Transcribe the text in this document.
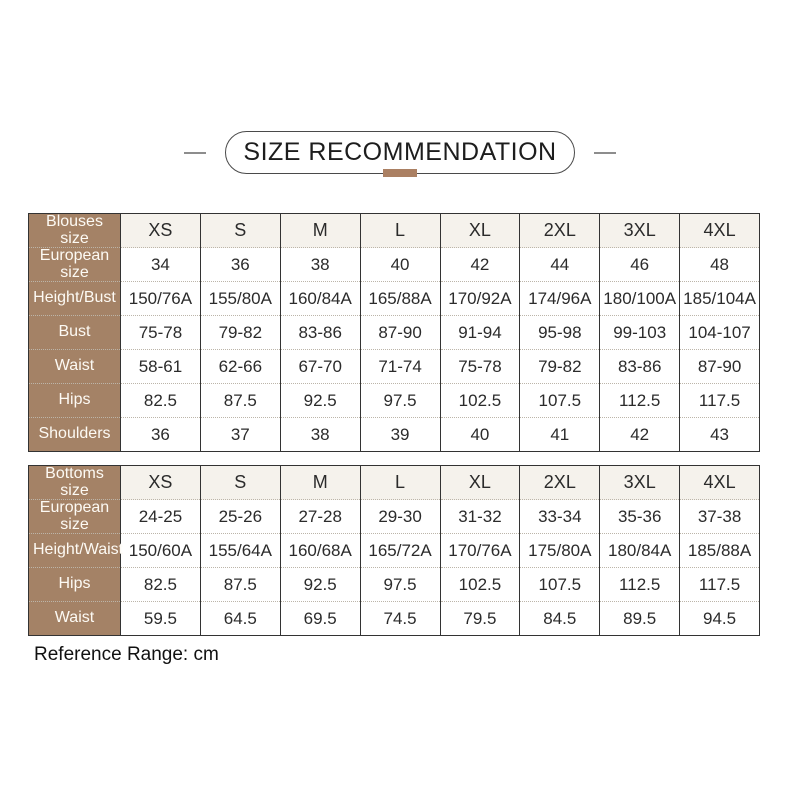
SIZE RECOMMENDATION
Blouses size	XS	S	M	L	XL	2XL	3XL	4XL
European size	34	36	38	40	42	44	46	48
Height/Bust	150/76A	155/80A	160/84A	165/88A	170/92A	174/96A	180/100A	185/104A
Bust	75-78	79-82	83-86	87-90	91-94	95-98	99-103	104-107
Waist	58-61	62-66	67-70	71-74	75-78	79-82	83-86	87-90
Hips	82.5	87.5	92.5	97.5	102.5	107.5	112.5	117.5
Shoulders	36	37	38	39	40	41	42	43
Bottoms size	XS	S	M	L	XL	2XL	3XL	4XL
European size	24-25	25-26	27-28	29-30	31-32	33-34	35-36	37-38
Height/Waist	150/60A	155/64A	160/68A	165/72A	170/76A	175/80A	180/84A	185/88A
Hips	82.5	87.5	92.5	97.5	102.5	107.5	112.5	117.5
Waist	59.5	64.5	69.5	74.5	79.5	84.5	89.5	94.5
Reference Range: cm
